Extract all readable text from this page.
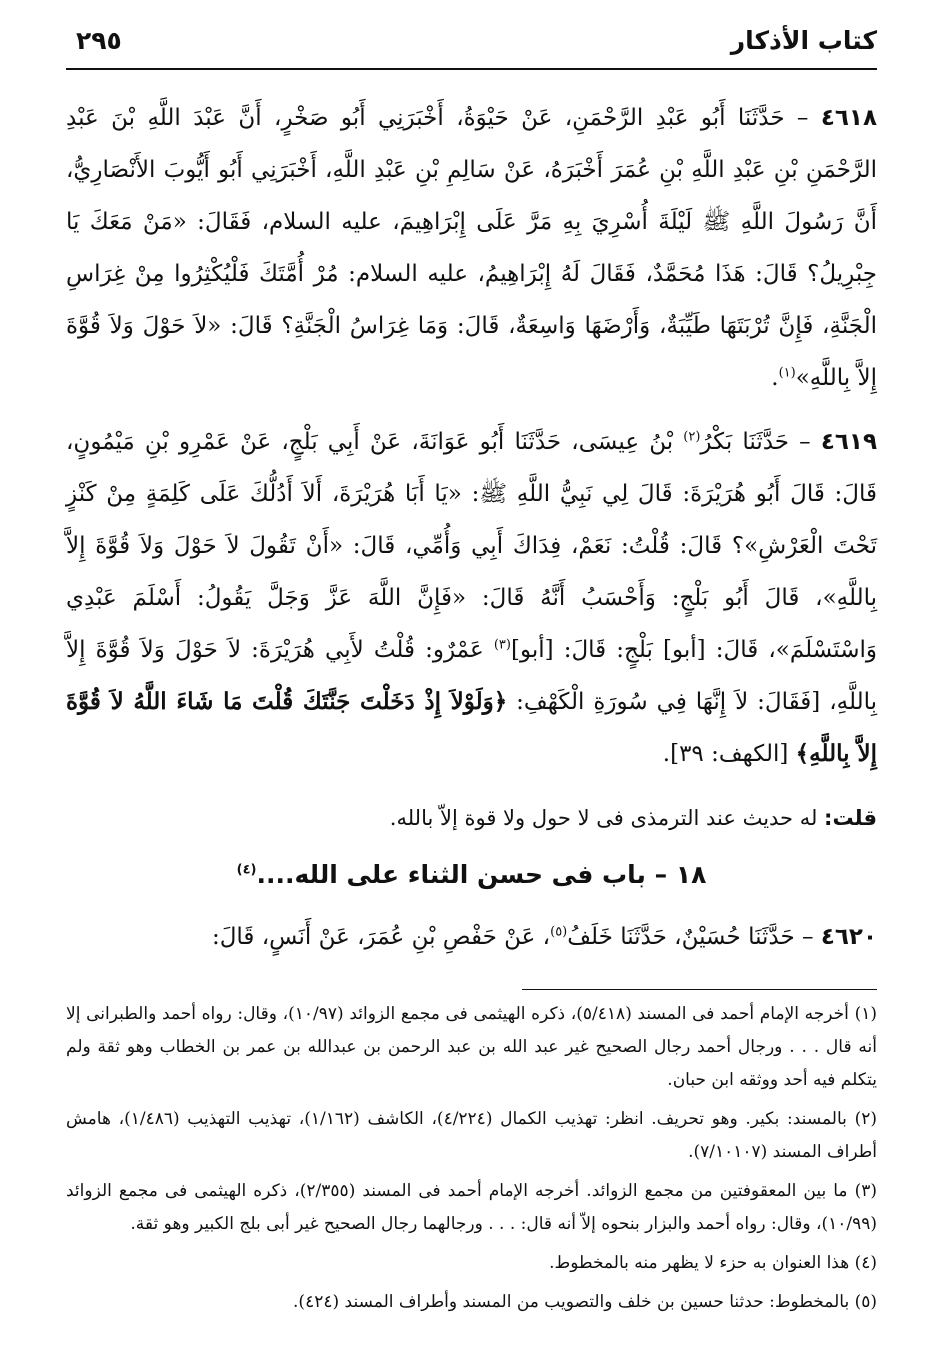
كتاب الأذكار
٢٩٥

٤٦١٨ – حَدَّثَنَا أَبُو عَبْدِ الرَّحْمَنِ، عَنْ حَيْوَةُ، أَخْبَرَنِي أَبُو صَخْرٍ، أَنَّ عَبْدَ اللَّهِ بْنَ عَبْدِ الرَّحْمَنِ بْنِ عَبْدِ اللَّهِ بْنِ عُمَرَ أَخْبَرَهُ، عَنْ سَالِمِ بْنِ عَبْدِ اللَّهِ، أَخْبَرَنِي أَبُو أَيُّوبَ الأَنْصَارِيُّ، أَنَّ رَسُولَ اللَّهِ ﷺ لَيْلَةَ أُسْرِيَ بِهِ مَرَّ عَلَى إِبْرَاهِيمَ، عليه السلام، فَقَالَ: «مَنْ مَعَكَ يَا جِبْرِيلُ؟ قَالَ: هَذَا مُحَمَّدٌ، فَقَالَ لَهُ إِبْرَاهِيمُ، عليه السلام: مُرْ أُمَّتَكَ فَلْيُكْثِرُوا مِنْ غِرَاسِ الْجَنَّةِ، فَإِنَّ تُرْبَتَهَا طَيِّبَةٌ، وَأَرْضَهَا وَاسِعَةٌ، قَالَ: وَمَا غِرَاسُ الْجَنَّةِ؟ قَالَ: «لاَ حَوْلَ وَلاَ قُوَّةَ إِلاَّ بِاللَّهِ»$^{(١)}$.

٤٦١٩ – حَدَّثَنَا بَكْرُ$^{(٢)}$ بْنُ عِيسَى، حَدَّثَنَا أَبُو عَوَانَةَ، عَنْ أَبِي بَلْجٍ، عَنْ عَمْرِو بْنِ مَيْمُونٍ، قَالَ: قَالَ أَبُو هُرَيْرَةَ: قَالَ لِي نَبِيُّ اللَّهِ ﷺ: «يَا أَبَا هُرَيْرَةَ، أَلاَ أَدُلُّكَ عَلَى كَلِمَةٍ مِنْ كَنْزٍ تَحْتَ الْعَرْشِ»؟ قَالَ: قُلْتُ: نَعَمْ، فِدَاكَ أَبِي وَأُمِّي، قَالَ: «أَنْ تَقُولَ لاَ حَوْلَ وَلاَ قُوَّةَ إِلاَّ بِاللَّهِ»، قَالَ أَبُو بَلْجٍ: وَأَحْسَبُ أَنَّهُ قَالَ: «فَإِنَّ اللَّهَ عَزَّ وَجَلَّ يَقُولُ: أَسْلَمَ عَبْدِي وَاسْتَسْلَمَ»، قَالَ: [أبو] بَلْجٍ: قَالَ: [أبو]$^{(٣)}$ عَمْرٌو: قُلْتُ لأَبِي هُرَيْرَةَ: لاَ حَوْلَ وَلاَ قُوَّةَ إِلاَّ بِاللَّهِ، [فَقَالَ: لاَ إِنَّهَا فِي سُورَةِ الْكَهْفِ: ﴿وَلَوْلاَ إِذْ دَخَلْتَ جَنَّتَكَ قُلْتَ مَا شَاءَ اللَّهُ لاَ قُوَّةَ إِلاَّ بِاللَّهِ﴾ [الكهف: ٣٩].

قلت: له حديث عند الترمذى فى لا حول ولا قوة إلاّ بالله.

١٨ – باب فى حسن الثناء على الله....$^{(٤)}$

٤٦٢٠ – حَدَّثَنَا حُسَيْنٌ، حَدَّثَنَا خَلَفُ$^{(٥)}$، عَنْ حَفْصِ بْنِ عُمَرَ، عَنْ أَنَسٍ، قَالَ:

(١) أخرجه الإمام أحمد فى المسند (٥/٤١٨)، ذكره الهيثمى فى مجمع الزوائد (١٠/٩٧)، وقال: رواه أحمد والطبرانى إلا أنه قال . . . ورجال أحمد رجال الصحيح غير عبد الله بن عبد الرحمن بن عبدالله بن عمر بن الخطاب وهو ثقة ولم يتكلم فيه أحد ووثقه ابن حبان.

(٢) بالمسند: بكير. وهو تحريف. انظر: تهذيب الكمال (٤/٢٢٤)، الكاشف (١/١٦٢)، تهذيب التهذيب (١/٤٨٦)، هامش أطراف المسند (٧/١٠١٠٧).

(٣) ما بين المعقوفتين من مجمع الزوائد. أخرجه الإمام أحمد فى المسند (٢/٣٥٥)، ذكره الهيثمى فى مجمع الزوائد (١٠/٩٩)، وقال: رواه أحمد والبزار بنحوه إلاّ أنه قال: . . . ورجالهما رجال الصحيح غير أبى بلج الكبير وهو ثقة.

(٤) هذا العنوان به حزء لا يظهر منه بالمخطوط.

(٥) بالمخطوط: حدثنا حسين بن خلف والتصويب من المسند وأطراف المسند (٤٢٤).
